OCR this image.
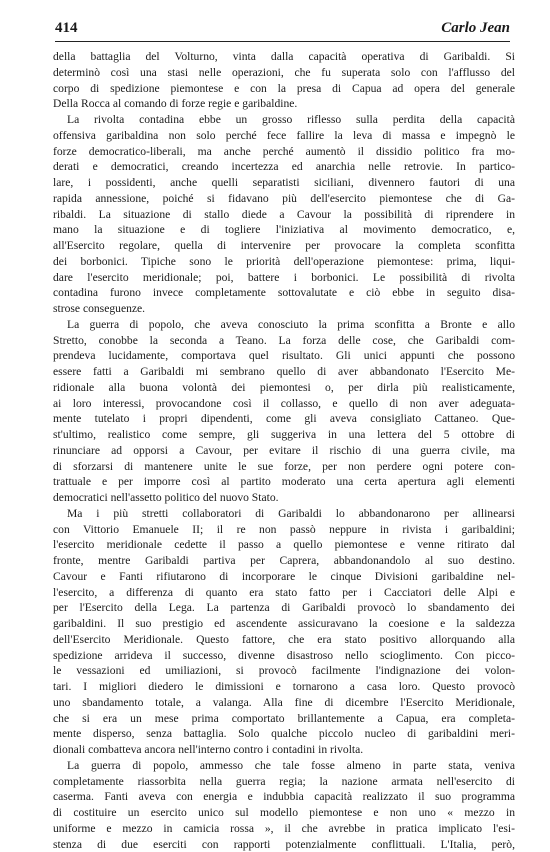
414	Carlo Jean
della battaglia del Volturno, vinta dalla capacità operativa di Garibaldi. Si
determinò così una stasi nelle operazioni, che fu superata solo con l'afflusso del
corpo di spedizione piemontese e con la presa di Capua ad opera del generale
Della Rocca al comando di forze regie e garibaldine.
La rivolta contadina ebbe un grosso riflesso sulla perdita della capacità
offensiva garibaldina non solo perché fece fallire la leva di massa e impegnò le
forze democratico-liberali, ma anche perché aumentò il dissidio politico fra mo-
derati e democratici, creando incertezza ed anarchia nelle retrovie. In partico-
lare, i possidenti, anche quelli separatisti siciliani, divennero fautori di una
rapida annessione, poiché si fidavano più dell'esercito piemontese che di Ga-
ribaldi. La situazione di stallo diede a Cavour la possibilità di riprendere in
mano la situazione e di togliere l'iniziativa al movimento democratico, e,
all'Esercito regolare, quella di intervenire per provocare la completa sconfitta
dei borbonici. Tipiche sono le priorità dell'operazione piemontese: prima, liqui-
dare l'esercito meridionale; poi, battere i borbonici. Le possibilità di rivolta
contadina furono invece completamente sottovalutate e ciò ebbe in seguito disa-
strose conseguenze.
La guerra di popolo, che aveva conosciuto la prima sconfitta a Bronte e allo
Stretto, conobbe la seconda a Teano. La forza delle cose, che Garibaldi com-
prendeva lucidamente, comportava quel risultato. Gli unici appunti che possono
essere fatti a Garibaldi mi sembrano quello di aver abbandonato l'Esercito Me-
ridionale alla buona volontà dei piemontesi o, per dirla più realisticamente,
ai loro interessi, provocandone così il collasso, e quello di non aver adeguata-
mente tutelato i propri dipendenti, come gli aveva consigliato Cattaneo. Que-
st'ultimo, realistico come sempre, gli suggeriva in una lettera del 5 ottobre di
rinunciare ad opporsi a Cavour, per evitare il rischio di una guerra civile, ma
di sforzarsi di mantenere unite le sue forze, per non perdere ogni potere con-
trattuale e per imporre così al partito moderato una certa apertura agli elementi
democratici nell'assetto politico del nuovo Stato.
Ma i più stretti collaboratori di Garibaldi lo abbandonarono per allinearsi
con Vittorio Emanuele II; il re non passò neppure in rivista i garibaldini;
l'esercito meridionale cedette il passo a quello piemontese e venne ritirato dal
fronte, mentre Garibaldi partiva per Caprera, abbandonandolo al suo destino.
Cavour e Fanti rifiutarono di incorporare le cinque Divisioni garibaldine nel-
l'esercito, a differenza di quanto era stato fatto per i Cacciatori delle Alpi e
per l'Esercito della Lega. La partenza di Garibaldi provocò lo sbandamento dei
garibaldini. Il suo prestigio ed ascendente assicuravano la coesione e la saldezza
dell'Esercito Meridionale. Questo fattore, che era stato positivo allorquando alla
spedizione arrideva il successo, divenne disastroso nello scioglimento. Con picco-
le vessazioni ed umiliazioni, si provocò facilmente l'indignazione dei volon-
tari. I migliori diedero le dimissioni e tornarono a casa loro. Questo provocò
uno sbandamento totale, a valanga. Alla fine di dicembre l'Esercito Meridionale,
che si era un mese prima comportato brillantemente a Capua, era completa-
mente disperso, senza battaglia. Solo qualche piccolo nucleo di garibaldini meri-
dionali combatteva ancora nell'interno contro i contadini in rivolta.
La guerra di popolo, ammesso che tale fosse almeno in parte stata, veniva
completamente riassorbita nella guerra regia; la nazione armata nell'esercito di
caserma. Fanti aveva con energia e indubbia capacità realizzato il suo programma
di costituire un esercito unico sul modello piemontese e non uno « mezzo in
uniforme e mezzo in camicia rossa », il che avrebbe in pratica implicato l'esi-
stenza di due eserciti con rapporti potenzialmente conflittuali. L'Italia, però,
